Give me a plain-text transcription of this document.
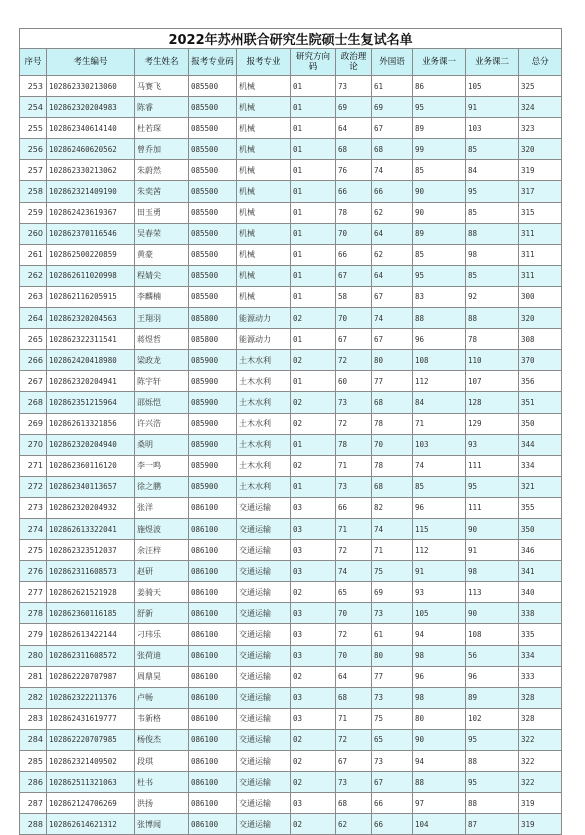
2022年苏州联合研究生院硕士生复试名单										
序号	考生编号	考生姓名	报考专业码	报考专业	研究方向码	政治理论	外国语	业务课一	业务课二	总分
253	102862330213060	马赛飞	085500	机械	01	73	61	86	105	325
254	102862320204983	陈睿	085500	机械	01	69	69	95	91	324
255	102862340614140	杜若琛	085500	机械	01	64	67	89	103	323
256	102862460620562	曾乔加	085500	机械	01	68	68	99	85	320
257	102862330213062	朱蔚然	085500	机械	01	76	74	85	84	319
258	102862321409190	朱奕茜	085500	机械	01	66	66	90	95	317
259	102862423619367	田玉勇	085500	机械	01	78	62	90	85	315
260	102862370116546	吴春荣	085500	机械	01	70	64	89	88	311
261	102862500220859	黄豪	085500	机械	01	66	62	85	98	311
262	102862611020998	程婧尖	085500	机械	01	67	64	95	85	311
263	102862116205915	李麟楠	085500	机械	01	58	67	83	92	300
264	102862320204563	王翔羽	085800	能源动力	02	70	74	88	88	320
265	102862322311541	蒋煜哲	085800	能源动力	01	67	67	96	78	308
266	102862420418980	梁政龙	085900	土木水利	02	72	80	108	110	370
267	102862320204941	陈宇轩	085900	土木水利	01	60	77	112	107	356
268	102862351215964	邵烁恺	085900	土木水利	02	73	68	84	128	351
269	102862613321856	许兴浩	085900	土木水利	02	72	78	71	129	350
270	102862320204940	桑明	085900	土木水利	01	78	70	103	93	344
271	102862360116120	李一鸣	085900	土木水利	02	71	78	74	111	334
272	102862340113657	徐之鹏	085900	土木水利	01	73	68	85	95	321
273	102862320204932	张洋	086100	交通运输	03	66	82	96	111	355
274	102862613322041	施煜波	086100	交通运输	03	71	74	115	90	350
275	102862323512037	余汪梓	086100	交通运输	03	72	71	112	91	346
276	102862311608573	赵研	086100	交通运输	03	74	75	91	98	341
277	102862621521928	姜骑天	086100	交通运输	02	65	69	93	113	340
278	102862360116185	舒新	086100	交通运输	03	70	73	105	90	338
279	102862613422144	刁玮乐	086100	交通运输	03	72	61	94	108	335
280	102862311608572	张荷迪	086100	交通运输	03	70	80	98	56	334
281	102862220707987	周鼎昊	086100	交通运输	02	64	77	96	96	333
282	102862322211376	卢畅	086100	交通运输	03	68	73	98	89	328
283	102862431619777	韦新格	086100	交通运输	03	71	75	80	102	328
284	102862220707985	杨俊杰	086100	交通运输	02	72	65	90	95	322
285	102862321409502	段琪	086100	交通运输	02	67	73	94	88	322
286	102862511321063	杜书	086100	交通运输	02	73	67	88	95	322
287	102862124706269	洪扬	086100	交通运输	03	68	66	97	88	319
288	102862614621312	张博闻	086100	交通运输	02	62	66	104	87	319
